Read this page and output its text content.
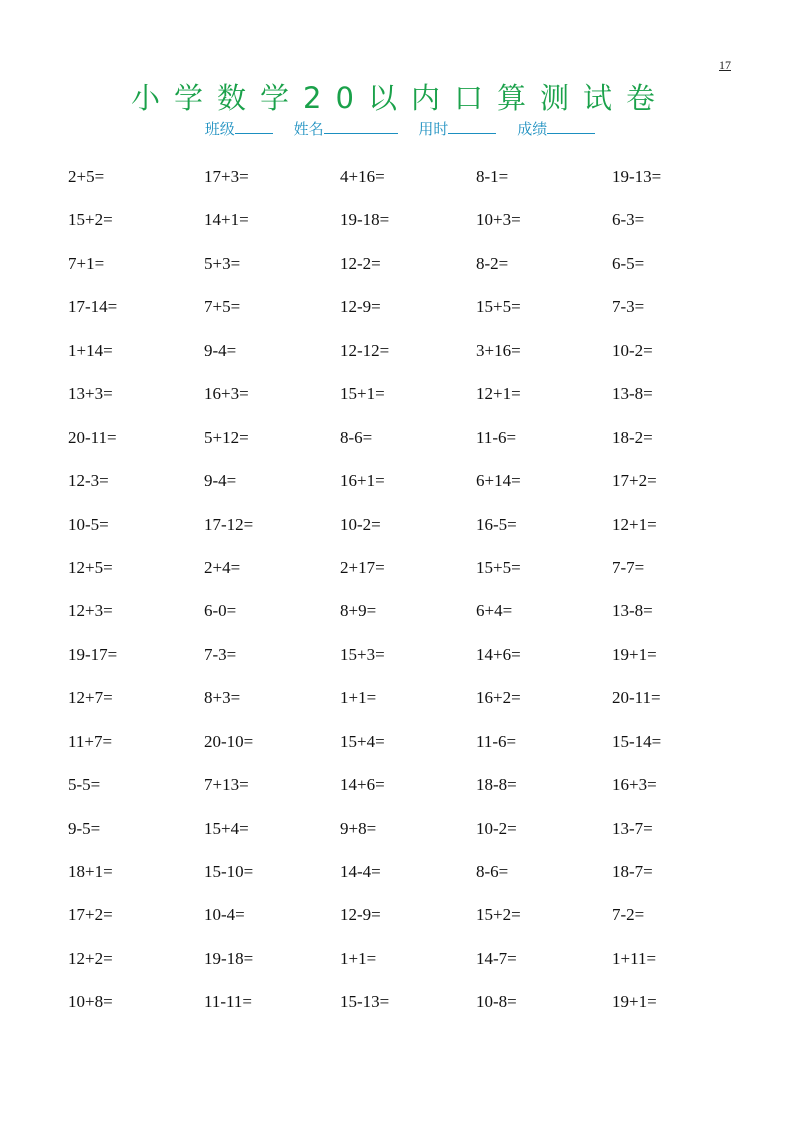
17
小学数学20以内口算测试卷
班级	姓名	用时	成绩
2+5=	17+3=	4+16=	8-1=	19-13=
15+2=	14+1=	19-18=	10+3=	6-3=
7+1=	5+3=	12-2=	8-2=	6-5=
17-14=	7+5=	12-9=	15+5=	7-3=
1+14=	9-4=	12-12=	3+16=	10-2=
13+3=	16+3=	15+1=	12+1=	13-8=
20-11=	5+12=	8-6=	11-6=	18-2=
12-3=	9-4=	16+1=	6+14=	17+2=
10-5=	17-12=	10-2=	16-5=	12+1=
12+5=	2+4=	2+17=	15+5=	7-7=
12+3=	6-0=	8+9=	6+4=	13-8=
19-17=	7-3=	15+3=	14+6=	19+1=
12+7=	8+3=	1+1=	16+2=	20-11=
11+7=	20-10=	15+4=	11-6=	15-14=
5-5=	7+13=	14+6=	18-8=	16+3=
9-5=	15+4=	9+8=	10-2=	13-7=
18+1=	15-10=	14-4=	8-6=	18-7=
17+2=	10-4=	12-9=	15+2=	7-2=
12+2=	19-18=	1+1=	14-7=	1+11=
10+8=	11-11=	15-13=	10-8=	19+1=
